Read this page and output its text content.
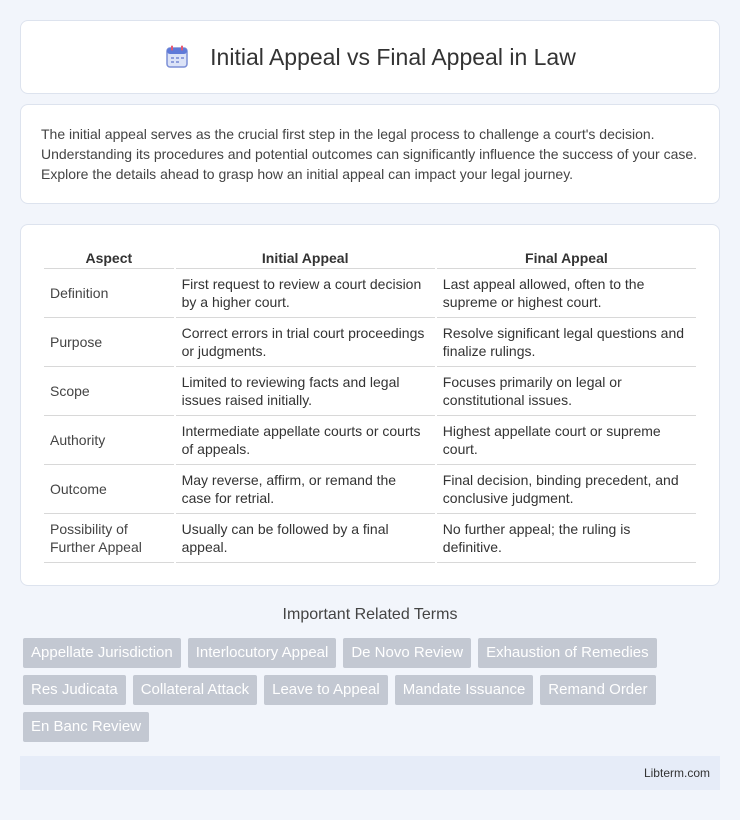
Initial Appeal vs Final Appeal in Law

The initial appeal serves as the crucial first step in the legal process to challenge a court's decision. Understanding its procedures and potential outcomes can significantly influence the success of your case. Explore the details ahead to grasp how an initial appeal can impact your legal journey.

Aspect	Initial Appeal	Final Appeal
Definition	First request to review a court decision by a higher court.	Last appeal allowed, often to the supreme or highest court.
Purpose	Correct errors in trial court proceedings or judgments.	Resolve significant legal questions and finalize rulings.
Scope	Limited to reviewing facts and legal issues raised initially.	Focuses primarily on legal or constitutional issues.
Authority	Intermediate appellate courts or courts of appeals.	Highest appellate court or supreme court.
Outcome	May reverse, affirm, or remand the case for retrial.	Final decision, binding precedent, and conclusive judgment.
Possibility of Further Appeal	Usually can be followed by a final appeal.	No further appeal; the ruling is definitive.
Important Related Terms
Appellate Jurisdiction	Interlocutory Appeal	De Novo Review	Exhaustion of Remedies
Res Judicata	Collateral Attack	Leave to Appeal	Mandate Issuance	Remand Order
En Banc Review
Libterm.com
